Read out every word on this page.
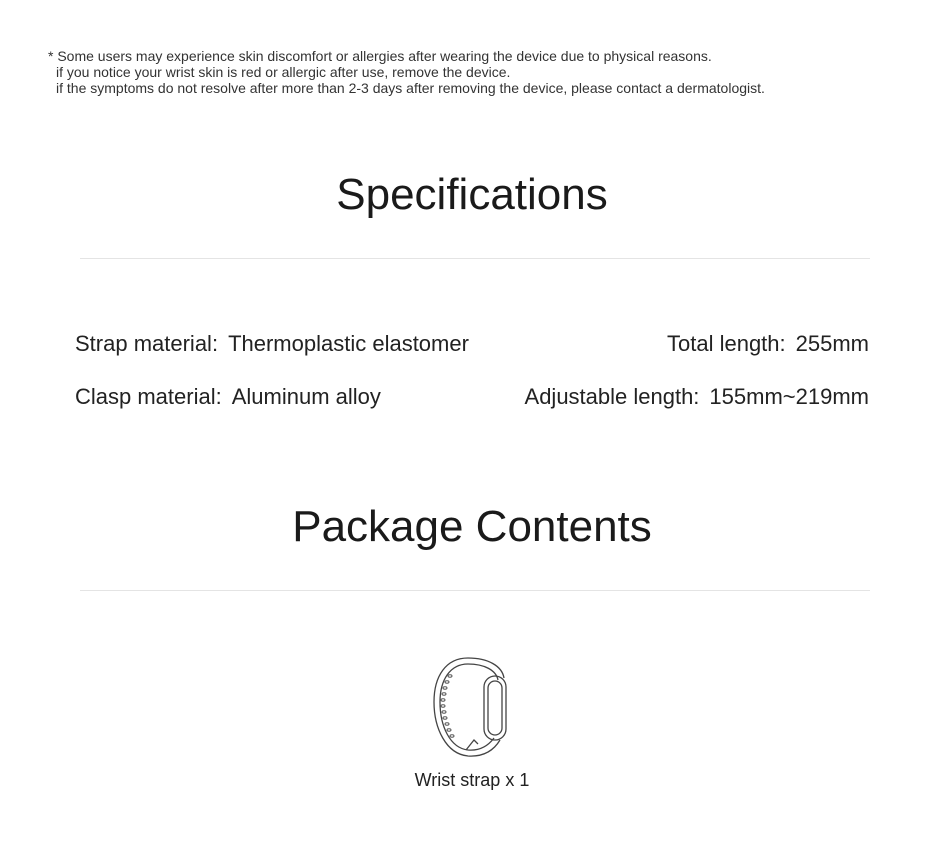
* Some users may experience skin discomfort or allergies after wearing the device due to physical reasons.
if you notice your wrist skin is red or allergic after use, remove the device.
if the symptoms do not resolve after more than 2-3 days after removing the device, please contact a dermatologist.
Specifications
Strap material: Thermoplastic elastomer	Total length: 255mm
Clasp material: Aluminum alloy	Adjustable length: 155mm~219mm
Package Contents
Wrist strap x 1
